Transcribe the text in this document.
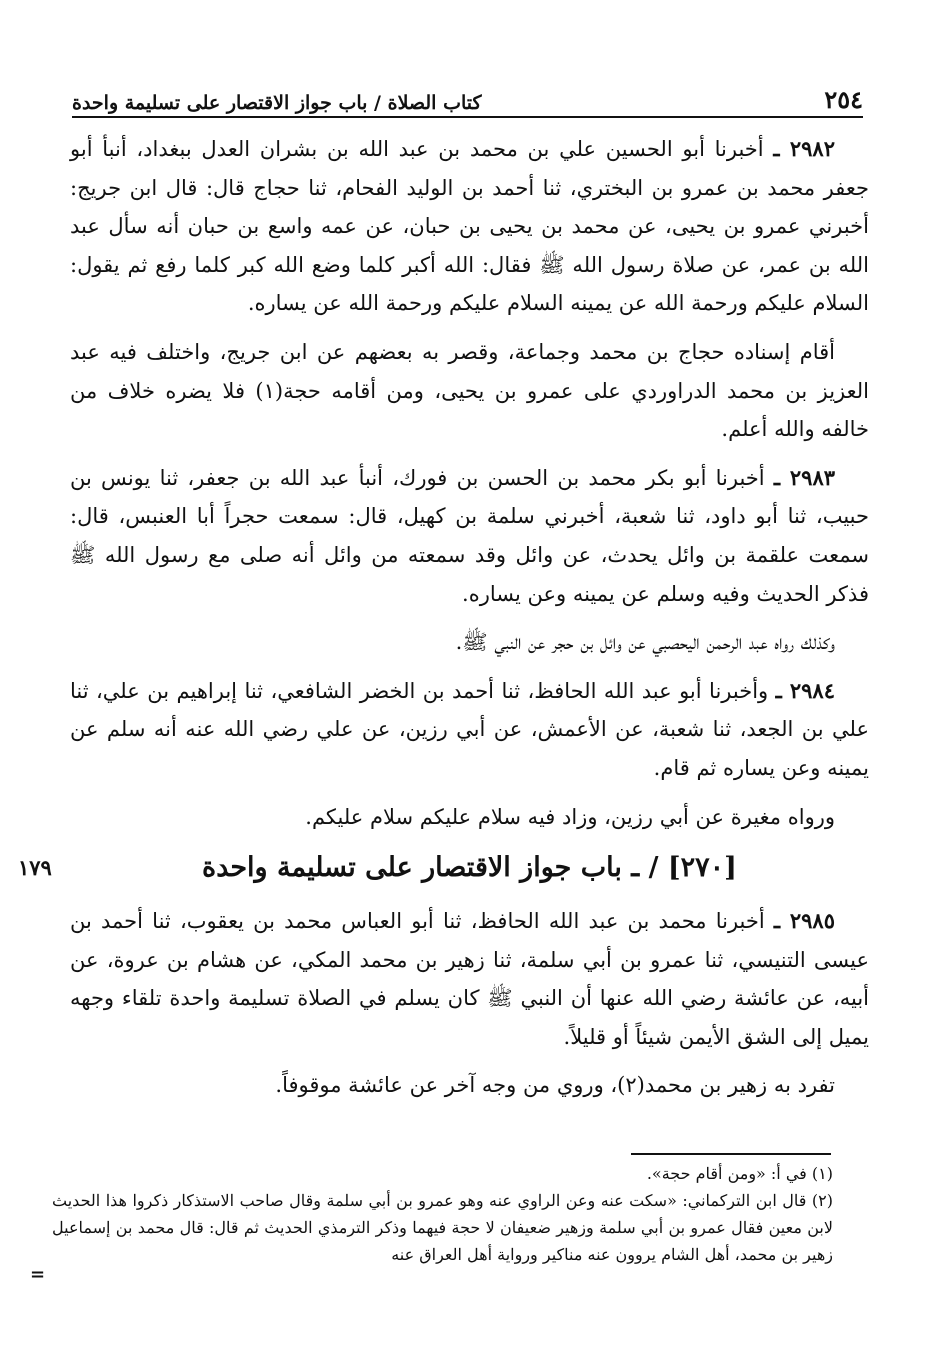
٢٥٤
كتاب الصلاة / باب جواز الاقتصار على تسليمة واحدة

٢٩٨٢ ـ أخبرنا أبو الحسين علي بن محمد بن عبد الله بن بشران العدل ببغداد، أنبأ أبو جعفر محمد بن عمرو بن البختري، ثنا أحمد بن الوليد الفحام، ثنا حجاج قال: قال ابن جريج: أخبرني عمرو بن يحيى، عن محمد بن يحيى بن حبان، عن عمه واسع بن حبان أنه سأل عبد الله بن عمر، عن صلاة رسول الله ﷺ فقال: الله أكبر كلما وضع الله كبر كلما رفع ثم يقول: السلام عليكم ورحمة الله عن يمينه السلام عليكم ورحمة الله عن يساره.

أقام إسناده حجاج بن محمد وجماعة، وقصر به بعضهم عن ابن جريج، واختلف فيه عبد العزيز بن محمد الدراوردي على عمرو بن يحيى، ومن أقامه حجة(١) فلا يضره خلاف من خالفه والله أعلم.

٢٩٨٣ ـ أخبرنا أبو بكر محمد بن الحسن بن فورك، أنبأ عبد الله بن جعفر، ثنا يونس بن حبيب، ثنا أبو داود، ثنا شعبة، أخبرني سلمة بن كهيل، قال: سمعت حجراً أبا العنبس، قال: سمعت علقمة بن وائل يحدث، عن وائل وقد سمعته من وائل أنه صلى مع رسول الله ﷺ فذكر الحديث وفيه وسلم عن يمينه وعن يساره.

وكذلك رواه عبد الرحمن اليحصبي عن وائل بن حجر عن النبي ﷺ.

٢٩٨٤ ـ وأخبرنا أبو عبد الله الحافظ، ثنا أحمد بن الخضر الشافعي، ثنا إبراهيم بن علي، ثنا علي بن الجعد، ثنا شعبة، عن الأعمش، عن أبي رزين، عن علي رضي الله عنه أنه سلم عن يمينه وعن يساره ثم قام.

ورواه مغيرة عن أبي رزين، وزاد فيه سلام عليكم سلام عليكم.

[٢٧٠] / ـ باب جواز الاقتصار على تسليمة واحدة
١٧٩

٢٩٨٥ ـ أخبرنا محمد بن عبد الله الحافظ، ثنا أبو العباس محمد بن يعقوب، ثنا أحمد بن عيسى التنيسي، ثنا عمرو بن أبي سلمة، ثنا زهير بن محمد المكي، عن هشام بن عروة، عن أبيه، عن عائشة رضي الله عنها أن النبي ﷺ كان يسلم في الصلاة تسليمة واحدة تلقاء وجهه يميل إلى الشق الأيمن شيئاً أو قليلاً.

تفرد به زهير بن محمد(٢)، وروي من وجه آخر عن عائشة موقوفاً.

(١) في أ: «ومن أقام حجة».

(٢) قال ابن التركماني: «سكت عنه وعن الراوي عنه وهو عمرو بن أبي سلمة وقال صاحب الاستذكار ذكروا هذا الحديث لابن معين فقال عمرو بن أبي سلمة وزهير ضعيفان لا حجة فيهما وذكر الترمذي الحديث ثم قال: قال محمد بن إسماعيل زهير بن محمد، أهل الشام يروون عنه مناكير ورواية أهل العراق عنه

=
